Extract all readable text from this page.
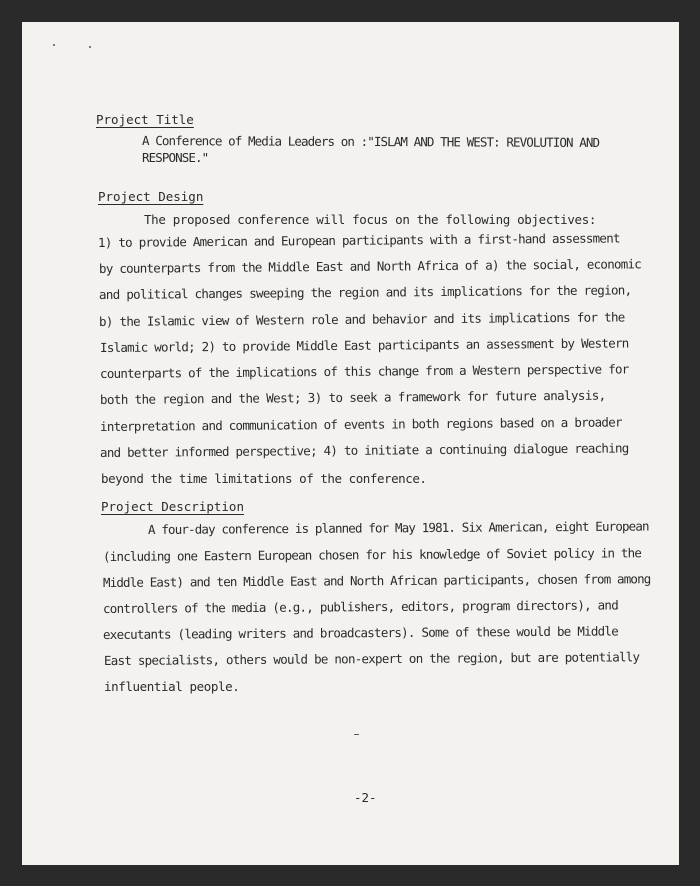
Project Title
A Conference of Media Leaders on :"ISLAM AND THE WEST: REVOLUTION AND
RESPONSE."
Project Design
The proposed conference will focus on the following objectives:
1) to provide American and European participants with a first-hand assessment
by counterparts from the Middle East and North Africa of a) the social, economic
and political changes sweeping the region and its implications for the region,
b) the Islamic view of Western role and behavior and its implications for the
Islamic world; 2) to provide Middle East participants an assessment by Western
counterparts of the implications of this change from a Western perspective for
both the region and the West; 3) to seek a framework for future analysis,
interpretation and communication of events in both regions based on a broader
and better informed perspective; 4) to initiate a continuing dialogue reaching
beyond the time limitations of the conference.
Project Description
A four-day conference is planned for May 1981. Six American, eight European
(including one Eastern European chosen for his knowledge of Soviet policy in the
Middle East) and ten Middle East and North African participants, chosen from among
controllers of the media (e.g., publishers, editors, program directors), and
executants (leading writers and broadcasters). Some of these would be Middle
East specialists, others would be non-expert on the region, but are potentially
influential people.
-2-
